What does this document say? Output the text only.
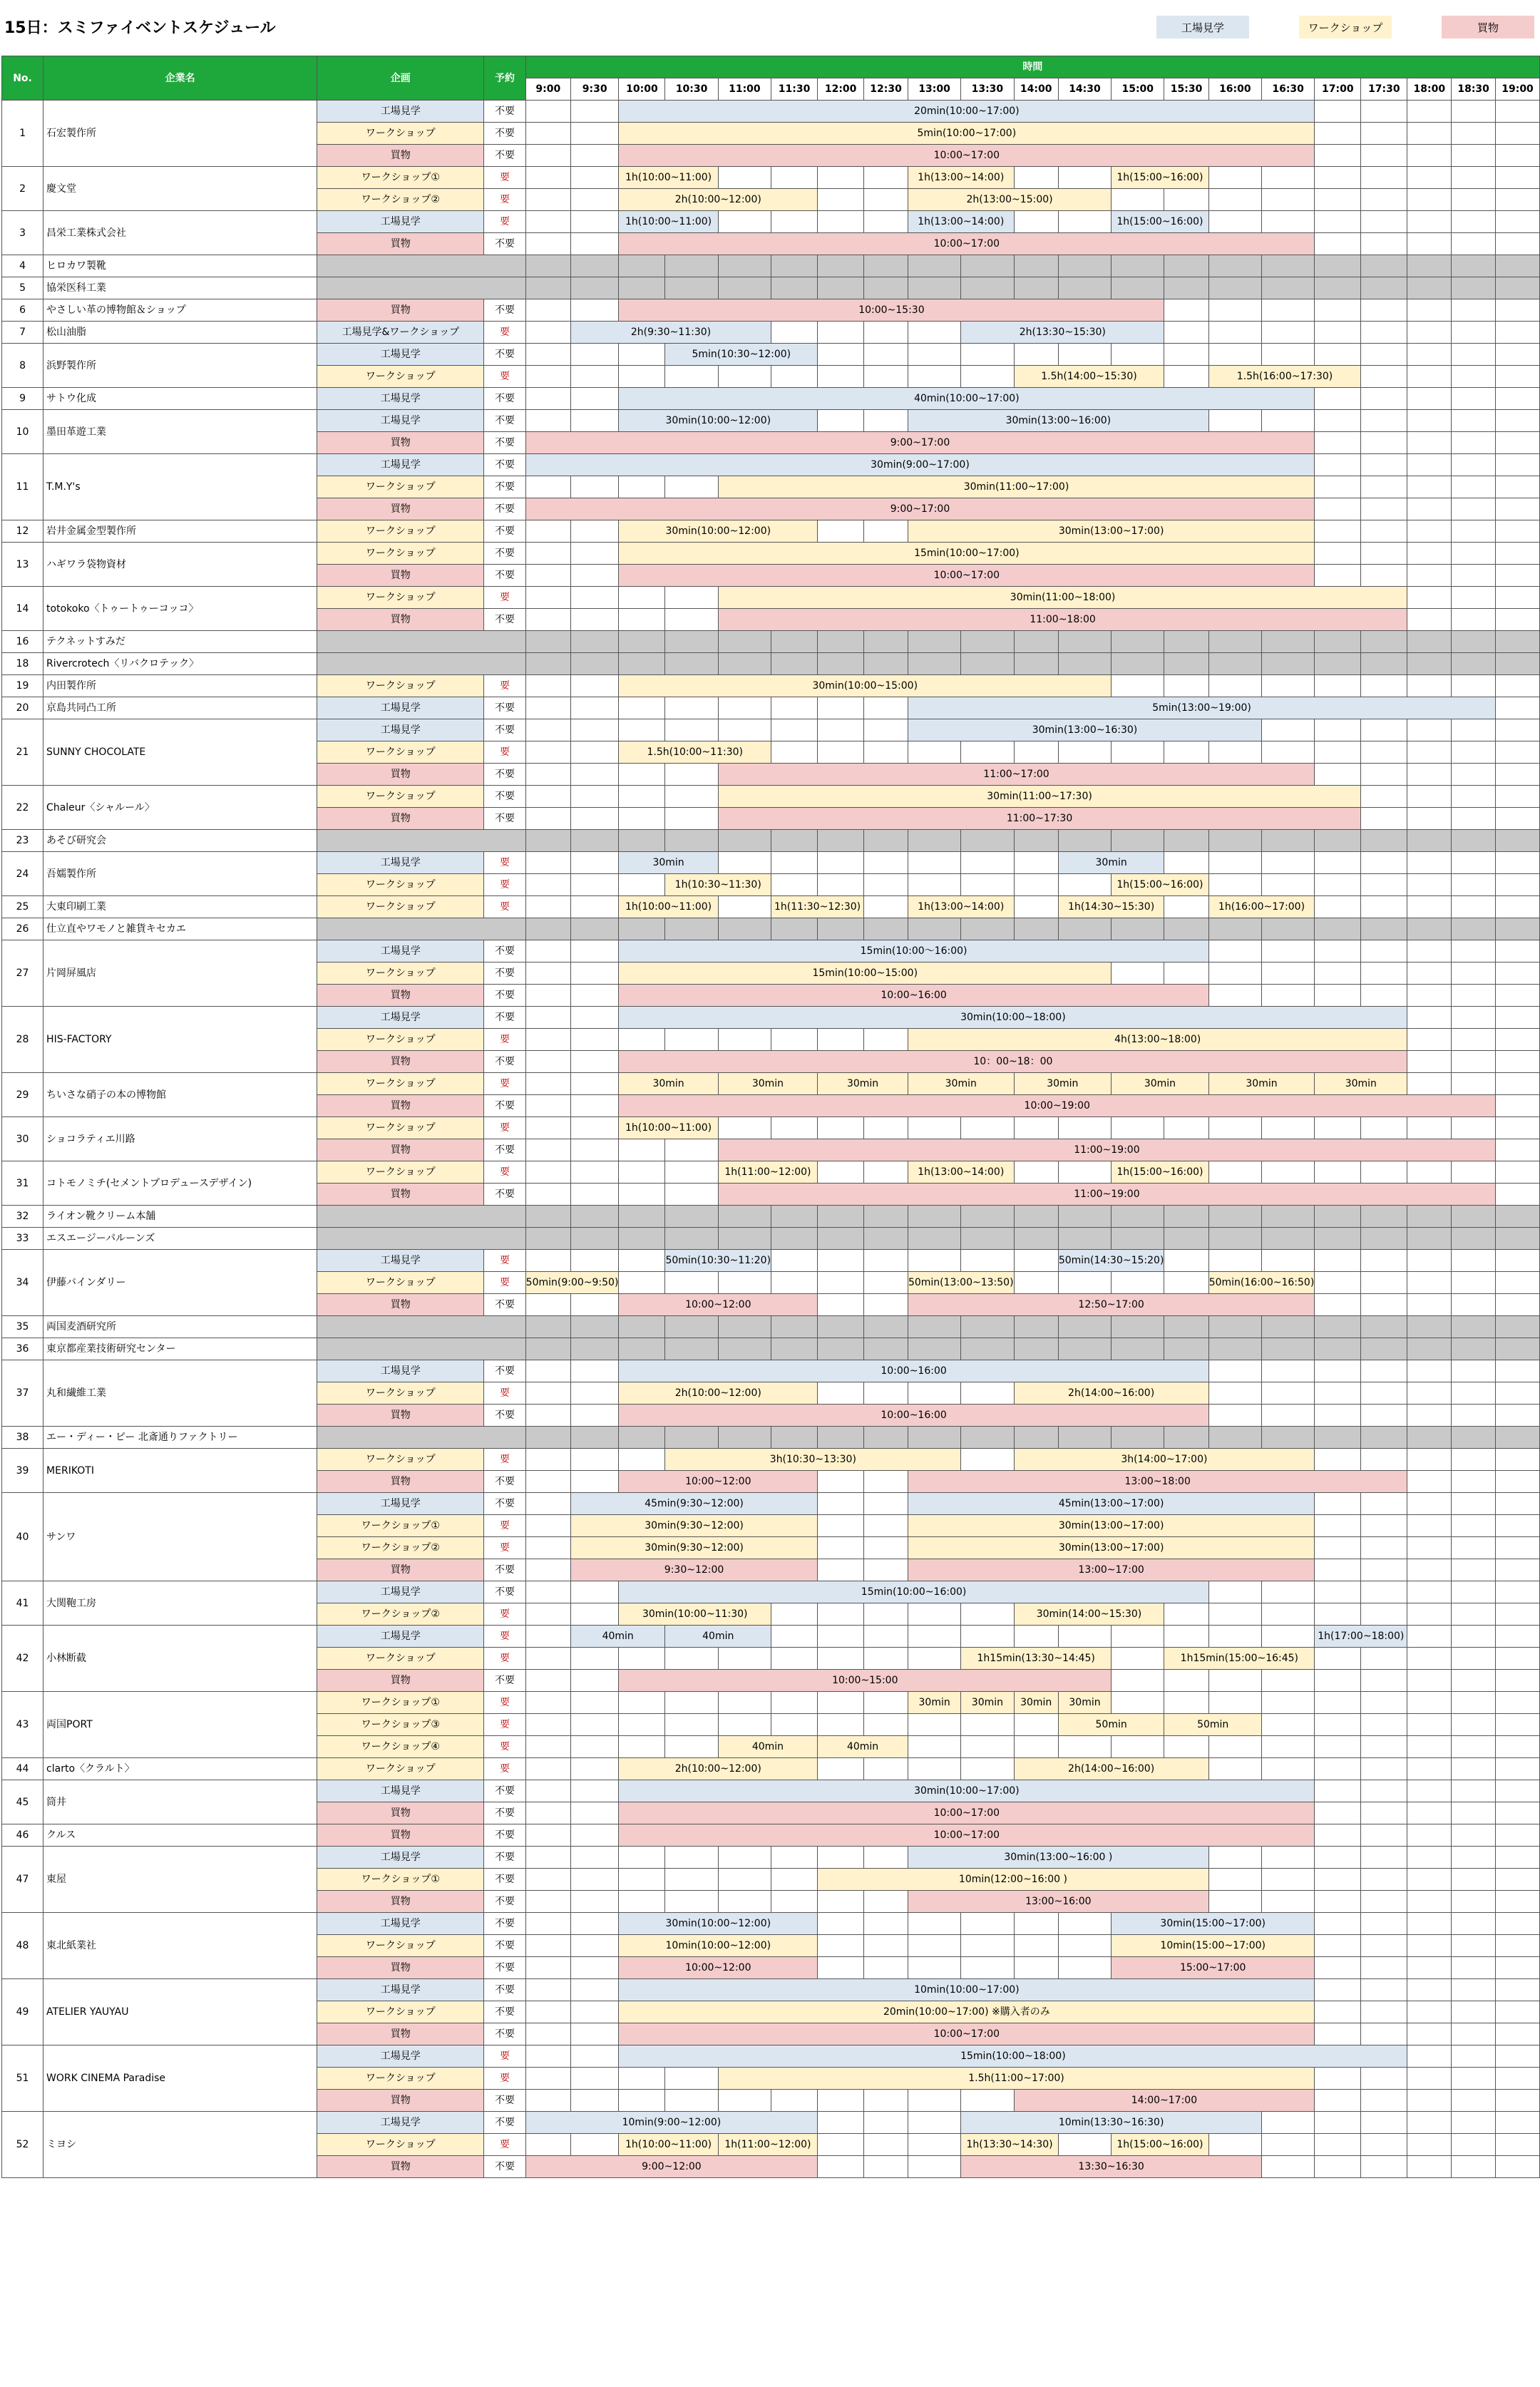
15日：スミファイベントスケジュール	工場見学	ワークショップ	買物
No.	企業名	企画	予約	時間																				
				9:00	9:30	10:00	10:30	11:00	11:30	12:00	12:30	13:00	13:30	14:00	14:30	15:00	15:30	16:00	16:30	17:00	17:30	18:00	18:30	19:00
1	石宏製作所	工場見学	不要			20min(10:00~17:00)																		
		ワークショップ	不要			5min(10:00~17:00)																		
		買物	不要			10:00~17:00																		
2	慶文堂	ワークショップ①	要			1h(10:00~11:00)						1h(13:00~14:00)				1h(15:00~16:00)								
		ワークショップ②	要			2h(10:00~12:00)						2h(13:00~15:00)												
3	昌栄工業株式会社	工場見学	要			1h(10:00~11:00)						1h(13:00~14:00)				1h(15:00~16:00)								
		買物	不要			10:00~17:00																		
4	ヒロカワ製靴																							
5	協栄医科工業																							
6	やさしい革の博物館＆ショップ	買物	不要			10:00~15:30																		
7	松山油脂	工場見学&ワークショップ	要		2h(9:30~11:30)								2h(13:30~15:30)											
8	浜野製作所	工場見学	不要				5min(10:30~12:00)																	
		ワークショップ	要											1.5h(14:00~15:30)				1.5h(16:00~17:30)						
9	サトウ化成	工場見学	不要			40min(10:00~17:00)																		
10	墨田革遊工業	工場見学	不要			30min(10:00~12:00)						30min(13:00~16:00)												
		買物	不要	9:00~17:00																				
11	T.M.Y's	工場見学	不要	30min(9:00~17:00)																				
		ワークショップ	不要					30min(11:00~17:00)																
		買物	不要	9:00~17:00																				
12	岩井金属金型製作所	ワークショップ	不要			30min(10:00~12:00)						30min(13:00~17:00)												
13	ハギワラ袋物資材	ワークショップ	不要			15min(10:00~17:00)																		
		買物	不要			10:00~17:00																		
14	totokoko〈トゥートゥーコッコ〉	ワークショップ	要					30min(11:00~18:00)																
		買物	不要					11:00~18:00																
16	テクネットすみだ																							
18	Rivercrotech〈リバクロテック〉																							
19	内田製作所	ワークショップ	要			30min(10:00~15:00)																		
20	京島共同凸工所	工場見学	不要									5min(13:00~19:00)												
21	SUNNY CHOCOLATE	工場見学	不要									30min(13:00~16:30)												
		ワークショップ	要			1.5h(10:00~11:30)																		
		買物	不要					11:00~17:00																
22	Chaleur〈シャルール〉	ワークショップ	不要					30min(11:00~17:30)																
		買物	不要					11:00~17:30																
23	あそび研究会																							
24	吾嬬製作所	工場見学	要			30min									30min									
		ワークショップ	要				1h(10:30~11:30)									1h(15:00~16:00)								
25	大東印刷工業	ワークショップ	要			1h(10:00~11:00)			1h(11:30~12:30)			1h(13:00~14:00)			1h(14:30~15:30)			1h(16:00~17:00)						
26	仕立直やワモノと雑貨キセカエ																							
27	片岡屏風店	工場見学	不要			15min(10:00～16:00)																		
		ワークショップ	不要			15min(10:00~15:00)																		
		買物	不要			10:00~16:00																		
28	HIS-FACTORY	工場見学	不要			30min(10:00~18:00)																		
		ワークショップ	要									4h(13:00~18:00)												
		買物	不要			10：00~18：00																		
29	ちいさな硝子の本の博物館	ワークショップ	要			30min		30min		30min		30min		30min		30min		30min		30min				
		買物	不要			10:00~19:00																		
30	ショコラティエ川路	ワークショップ	要			1h(10:00~11:00)																		
		買物	不要					11:00~19:00																
31	コトモノミチ(セメントプロデュースデザイン)	ワークショップ	要					1h(11:00~12:00)				1h(13:00~14:00)				1h(15:00~16:00)								
		買物	不要					11:00~19:00																
32	ライオン靴クリーム本舗																							
33	エスエージーパルーンズ																							
34	伊藤バインダリー	工場見学	要				50min(10:30~11:20)								50min(14:30~15:20)									
		ワークショップ	要	50min(9:00~9:50)								50min(13:00~13:50)						50min(16:00~16:50)						
		買物	不要			10:00~12:00						12:50~17:00												
35	両国麦酒研究所																							
36	東京都産業技術研究センター																							
37	丸和繊維工業	工場見学	不要			10:00~16:00																		
		ワークショップ	要			2h(10:00~12:00)								2h(14:00~16:00)										
		買物	不要			10:00~16:00																		
38	エー・ディー・ピー 北斎通りファクトリー																							
39	MERIKOTI	ワークショップ	要				3h(10:30~13:30)							3h(14:00~17:00)										
		買物	不要			10:00~12:00						13:00~18:00												
40	サンワ	工場見学	不要		45min(9:30~12:00)							45min(13:00~17:00)												
		ワークショップ①	要		30min(9:30~12:00)							30min(13:00~17:00)												
		ワークショップ②	要		30min(9:30~12:00)							30min(13:00~17:00)												
		買物	不要		9:30~12:00							13:00~17:00												
41	大関鞄工房	工場見学	不要			15min(10:00~16:00)																		
		ワークショップ②	要			30min(10:00~11:30)								30min(14:00~15:30)										
42	小林断截	工場見学	要		40min		40min													1h(17:00~18:00)				
		ワークショップ	要										1h15min(13:30~14:45)				1h15min(15:00~16:45)							
		買物	不要			10:00~15:00																		
43	両国PORT	ワークショップ①	要									30min	30min	30min	30min									
		ワークショップ③	要												50min		50min							
		ワークショップ④	要					40min		40min														
44	clarto〈クラルト〉	ワークショップ	要			2h(10:00~12:00)								2h(14:00~16:00)										
45	筒井	工場見学	不要			30min(10:00~17:00)																		
		買物	不要			10:00~17:00																		
46	クルス	買物	不要			10:00~17:00																		
47	東屋	工場見学	不要									30min(13:00~16:00 )												
		ワークショップ①	不要							10min(12:00~16:00 )														
		買物	不要									13:00~16:00												
48	東北紙業社	工場見学	不要			30min(10:00~12:00)										30min(15:00~17:00)								
		ワークショップ	不要			10min(10:00~12:00)										10min(15:00~17:00)								
		買物	不要			10:00~12:00										15:00~17:00								
49	ATELIER YAUYAU	工場見学	不要			10min(10:00~17:00)																		
		ワークショップ	不要			20min(10:00~17:00) ※購入者のみ																		
		買物	不要			10:00~17:00																		
51	WORK CINEMA Paradise	工場見学	要			15min(10:00~18:00)																		
		ワークショップ	要					1.5h(11:00~17:00)																
		買物	不要											14:00~17:00										
52	ミヨシ	工場見学	不要	10min(9:00~12:00)									10min(13:30~16:30)											
		ワークショップ	要			1h(10:00~11:00)		1h(11:00~12:00)					1h(13:30~14:30)			1h(15:00~16:00)								
		買物	不要	9:00~12:00									13:30~16:30											
